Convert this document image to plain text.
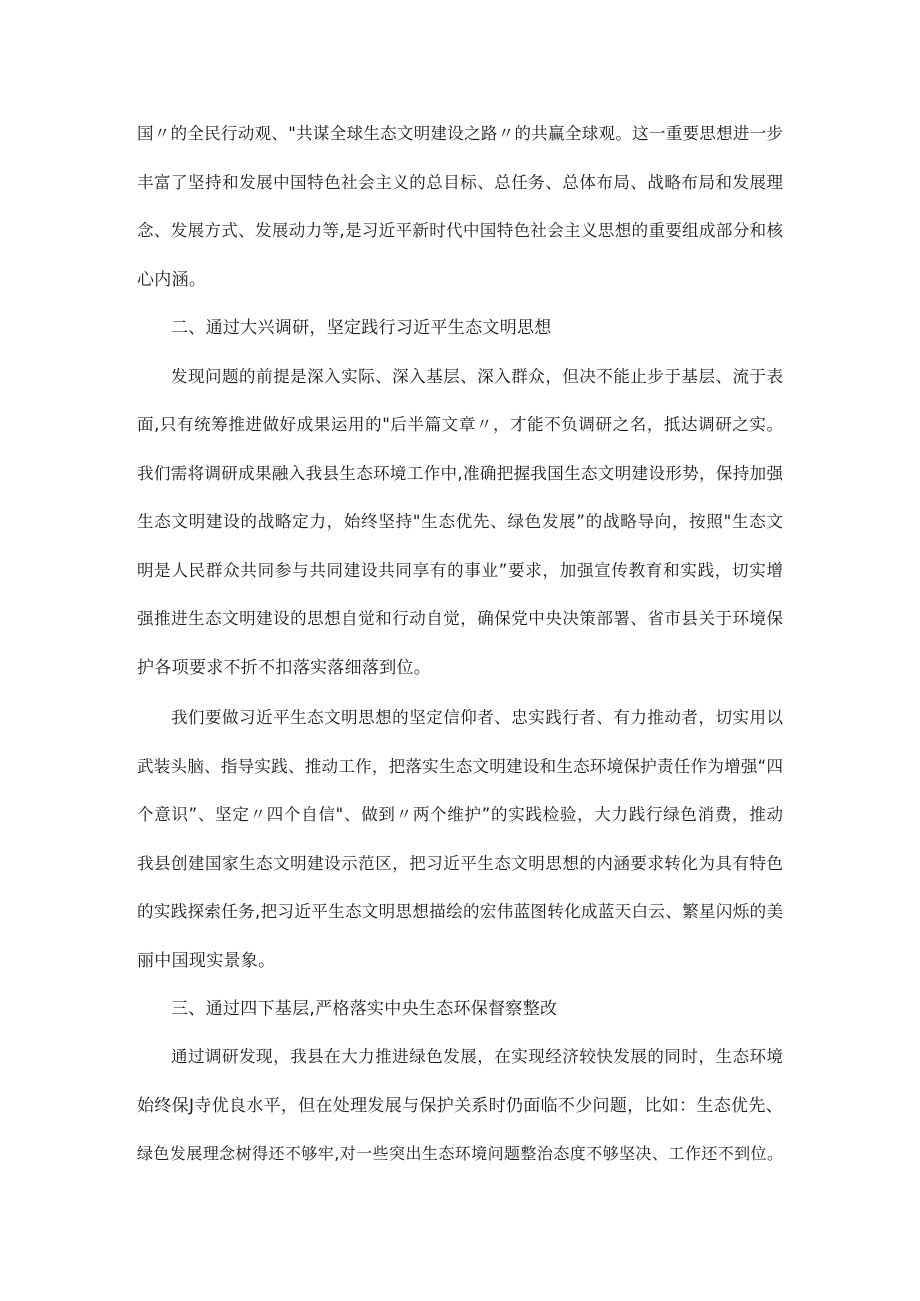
国〃的全民行动观、"共谋全球生态文明建设之路〃的共赢全球观。这一重要思想进一步
丰富了坚持和发展中国特色社会主义的总目标、总任务、总体布局、战略布局和发展理
念、发展方式、发展动力等,是习近平新时代中国特色社会主义思想的重要组成部分和核
心内涵。
二、通过大兴调研，坚定践行习近平生态文明思想
发现问题的前提是深入实际、深入基层、深入群众，但决不能止步于基层、流于表
面,只有统筹推进做好成果运用的"后半篇文章〃，才能不负调研之名，抵达调研之实。
我们需将调研成果融入我县生态环境工作中,准确把握我国生态文明建设形势，保持加强
生态文明建设的战略定力，始终坚持"生态优先、绿色发展”的战略导向，按照"生态文
明是人民群众共同参与共同建设共同享有的事业”要求，加强宣传教育和实践，切实增
强推进生态文明建设的思想自觉和行动自觉，确保党中央决策部署、省市县关于环境保
护各项要求不折不扣落实落细落到位。
我们要做习近平生态文明思想的坚定信仰者、忠实践行者、有力推动者，切实用以
武装头脑、指导实践、推动工作，把落实生态文明建设和生态环境保护责任作为增强“四
个意识”、坚定〃四个自信"、做到〃两个维护”的实践检验，大力践行绿色消费，推动
我县创建国家生态文明建设示范区，把习近平生态文明思想的内涵要求转化为具有特色
的实践探索任务,把习近平生态文明思想描绘的宏伟蓝图转化成蓝天白云、繁星闪烁的美
丽中国现实景象。
三、通过四下基层,严格落实中央生态环保督察整改
通过调研发现，我县在大力推进绿色发展，在实现经济较快发展的同时，生态环境
始终保J寺优良水平，但在处理发展与保护关系时仍面临不少问题，比如：生态优先、
绿色发展理念树得还不够牢,对一些突出生态环境问题整治态度不够坚决、工作还不到位。
